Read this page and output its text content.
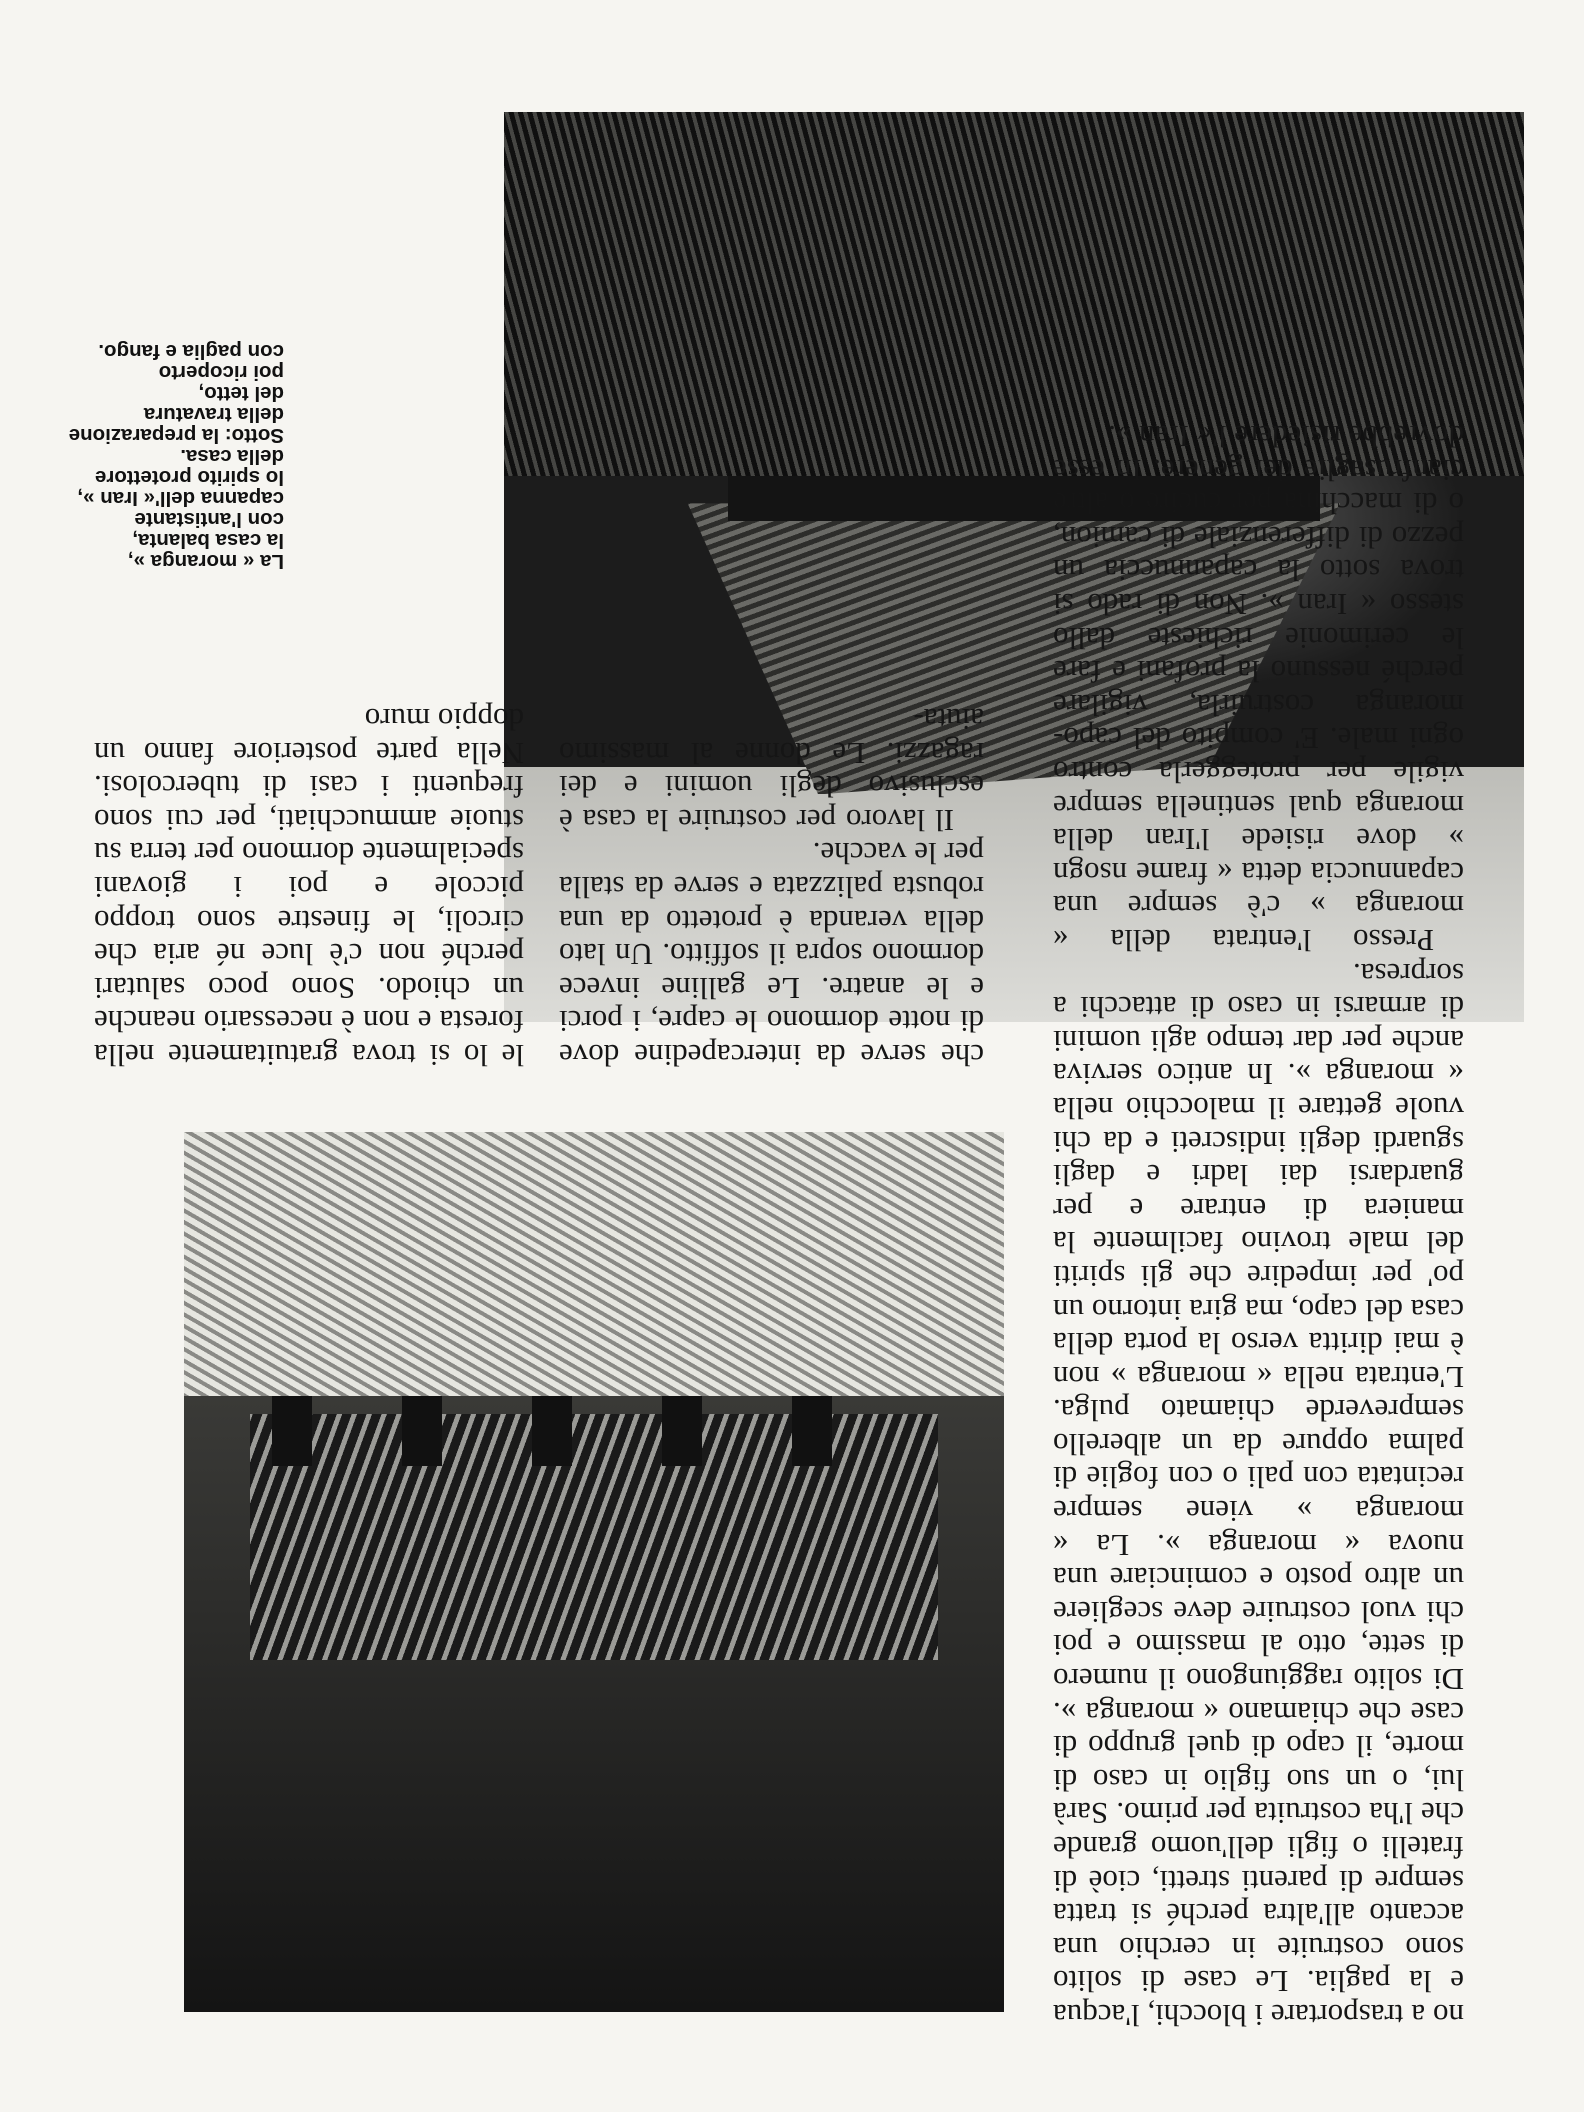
La « moranga »,
la casa balanta,
con l'antistante
capanna dell'« Iran »,
lo spirito protettore
della casa.
Sotto: la preparazione
della travatura
del tetto,
poi ricoperto
con paglia e fango.

le lo si trova gratuitamente nella foresta e non è necessario neanche un chiodo. Sono poco salutari perché non c'è luce né aria che circoli, le finestre sono troppo piccole e poi i giovani specialmente dormono per terra su stuoie ammucchiati, per cui sono frequenti i casi di tubercolosi. Nella parte posteriore fanno un doppio muro

che serve da intercapedine dove di notte dormono le capre, i porci e le anatre. Le galline invece dormono sopra il soffitto. Un lato della veranda è protetto da una robusta palizzata e serve da stalla per le vacche.

Il lavoro per costruire la casa è esclusivo degli uomini e dei ragazzi. Le donne al massimo aiuta-

no a trasportare i blocchi, l'acqua e la paglia. Le case di solito sono costruite in cerchio una accanto all'altra perché si tratta sempre di parenti stretti, cioè di fratelli o figli dell'uomo grande che l'ha costruita per primo. Sarà lui, o un suo figlio in caso di morte, il capo di quel gruppo di case che chiamano « moranga ». Di solito raggiungono il numero di sette, otto al massimo e poi chi vuol costruire deve scegliere un altro posto e cominciare una nuova « moranga ». La « moranga » viene sempre recintata con pali o con foglie di palma oppure da un alberello sempreverde chiamato pulga. L'entrata nella « moranga » non è mai diritta verso la porta della casa del capo, ma gira intorno un po' per impedire che gli spiriti del male trovino facilmente la maniera di entrare e per guardarsi dai ladri e dagli sguardi degli indiscreti e da chi vuole gettare il malocchio nella « moranga ». In antico serviva anche per dar tempo agli uomini di armarsi in caso di attacchi a sorpresa.

Presso l'entrata della « moranga » c'è sempre una capannuccia detta « frame nsogn » dove risiede l'Iran della moranga qual sentinella sempre vigile per proteggerla contro ogni male. E' compito del capo-moranga costruirla, vigilare perché nessuno la profani e fare le cerimonie richieste dallo stesso « Iran ». Non di rado si trova sotto la capannuccia un pezzo di differenziale di camion, o di macchina per cucire o altre cianfrusaglie del genere. In esse dovrebbe risiedere l'« Iran ».
